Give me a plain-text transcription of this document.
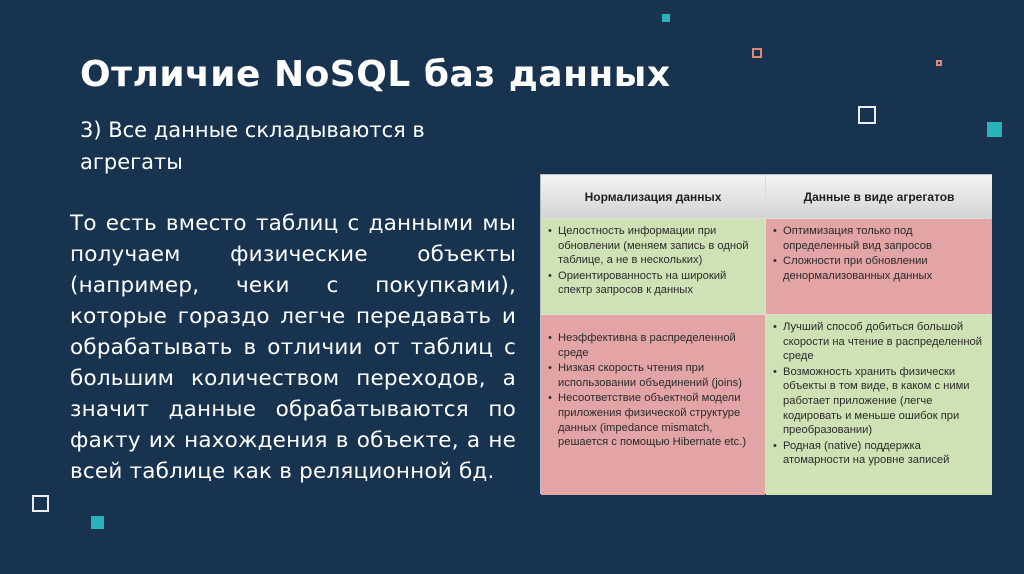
Отличие NoSQL баз данных
3) Все данные складываются в агрегаты
То есть вместо таблиц с данными мы получаем физические объекты (например, чеки с покупками), которые гораздо легче передавать и обрабатывать в отличии от таблиц с большим количеством переходов, а значит данные обрабатываются по факту их нахождения в объекте, а не всей таблице как в реляционной бд.
Нормализация данных	Данные в виде агрегатов
• Целостность информации при обновлении (меняем запись в одной таблице, а не в нескольких)
• Ориентированность на широкий спектр запросов к данных
• Оптимизация только под определенный вид запросов
• Сложности при обновлении денормализованных данных
• Неэффективна в распределенной среде
• Низкая скорость чтения при использовании объединений (joins)
• Несоответствие объектной модели приложения физической структуре данных (impedance mismatch, решается с помощью Hibernate etc.)
• Лучший способ добиться большой скорости на чтение в распределенной среде
• Возможность хранить физически объекты в том виде, в каком с ними работает приложение (легче кодировать и меньше ошибок при преобразовании)
• Родная (native) поддержка атомарности на уровне записей
